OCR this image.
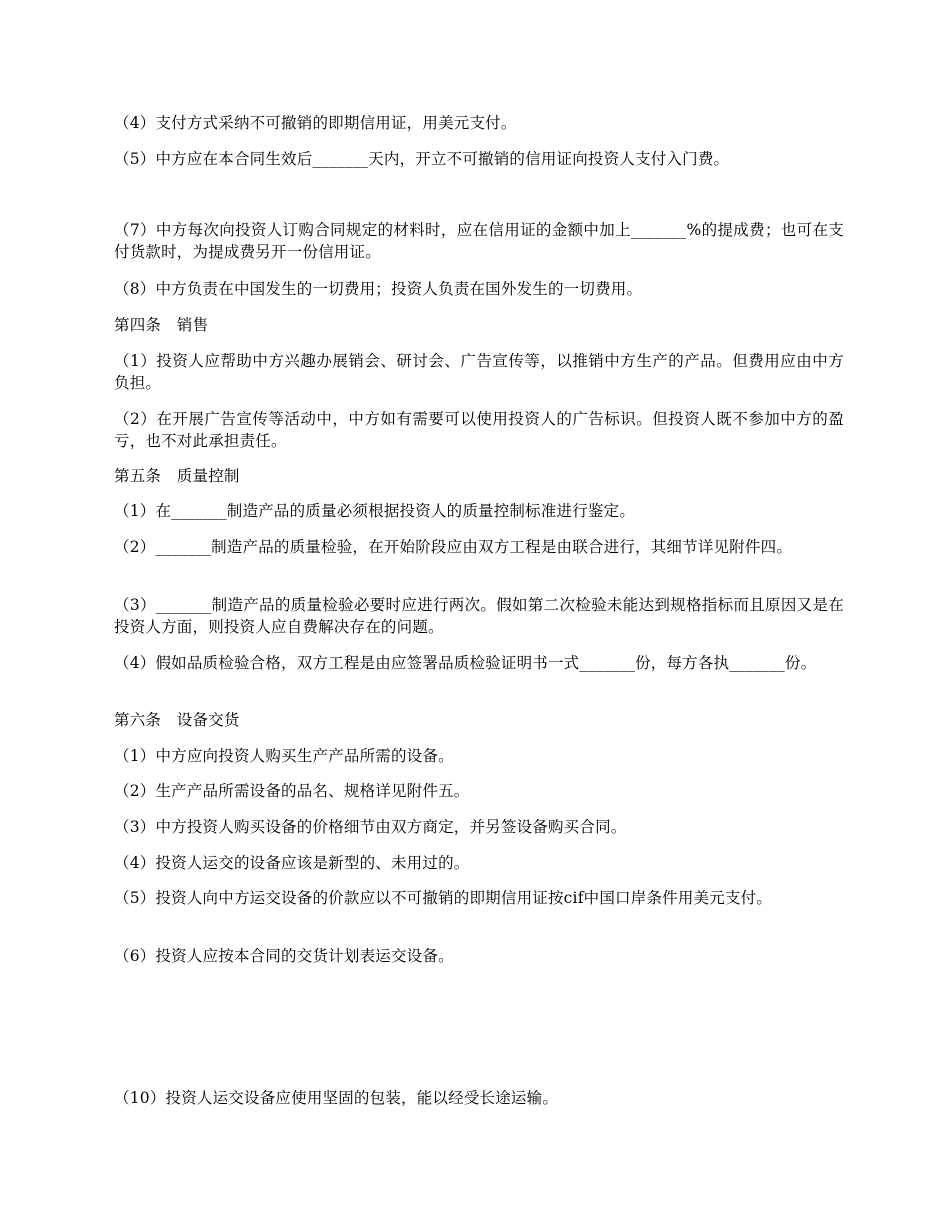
（4）支付方式采纳不可撤销的即期信用证，用美元支付。
（5）中方应在本合同生效后_______天内，开立不可撤销的信用证向投资人支付入门费。
（7）中方每次向投资人订购合同规定的材料时，应在信用证的金额中加上_______%的提成费；也可在支付货款时，为提成费另开一份信用证。
（8）中方负责在中国发生的一切费用；投资人负责在国外发生的一切费用。
第四条　销售
（1）投资人应帮助中方兴趣办展销会、研讨会、广告宣传等，以推销中方生产的产品。但费用应由中方负担。
（2）在开展广告宣传等活动中，中方如有需要可以使用投资人的广告标识。但投资人既不参加中方的盈亏，也不对此承担责任。
第五条　质量控制
（1）在_______制造产品的质量必须根据投资人的质量控制标准进行鉴定。
（2）_______制造产品的质量检验，在开始阶段应由双方工程是由联合进行，其细节详见附件四。
（3）_______制造产品的质量检验必要时应进行两次。假如第二次检验未能达到规格指标而且原因又是在投资人方面，则投资人应自费解决存在的问题。
（4）假如品质检验合格，双方工程是由应签署品质检验证明书一式_______份，每方各执_______份。
第六条　设备交货
（1）中方应向投资人购买生产产品所需的设备。
（2）生产产品所需设备的品名、规格详见附件五。
（3）中方投资人购买设备的价格细节由双方商定，并另签设备购买合同。
（4）投资人运交的设备应该是新型的、未用过的。
（5）投资人向中方运交设备的价款应以不可撤销的即期信用证按cif中国口岸条件用美元支付。
（6）投资人应按本合同的交货计划表运交设备。
（10）投资人运交设备应使用坚固的包装，能以经受长途运输。
